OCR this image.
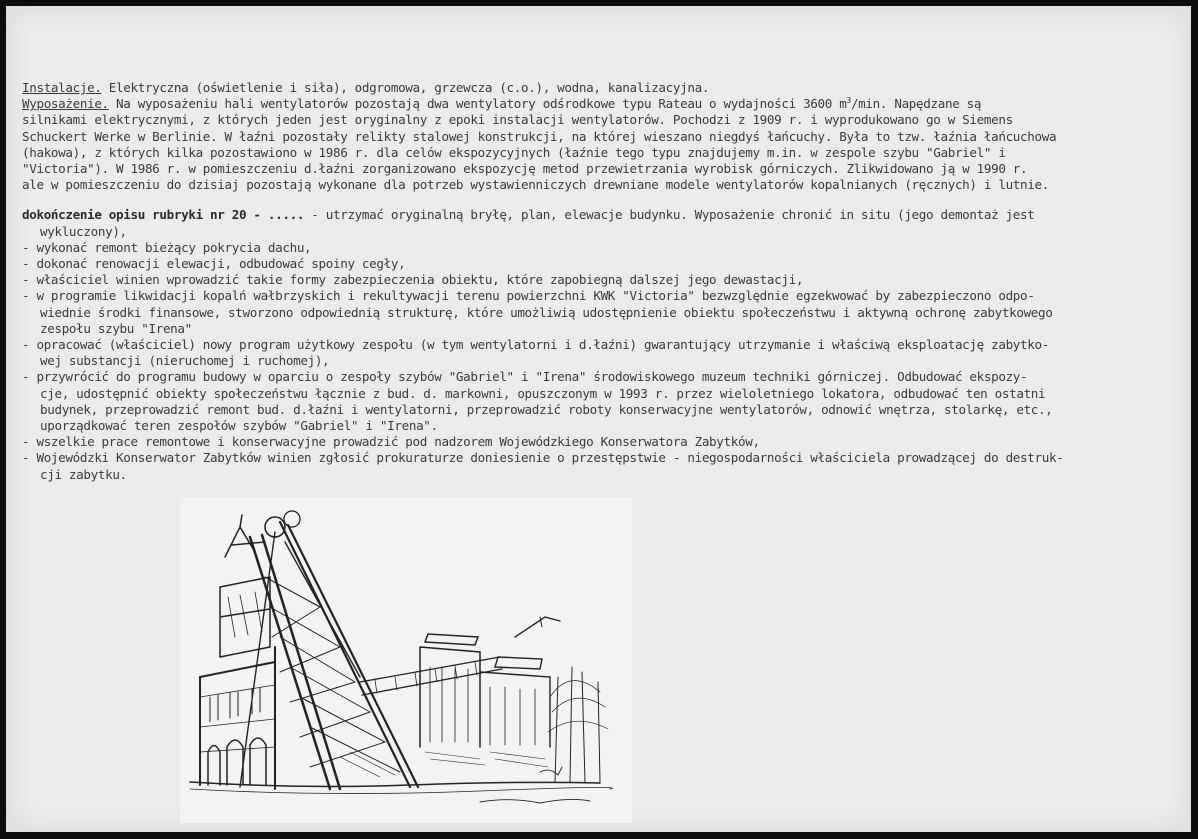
Instalacje. Elektryczna (oświetlenie i siła), odgromowa, grzewcza (c.o.), wodna, kanalizacyjna.
Wyposażenie. Na wyposażeniu hali wentylatorów pozostają dwa wentylatory odśrodkowe typu Rateau o wydajności 3600 $m^3/\min$. Napędzane są
silnikami elektrycznymi, z których jeden jest oryginalny z epoki instalacji wentylatorów. Pochodzi z 1909 r. i wyprodukowano go w Siemens
Schuckert Werke w Berlinie. W łaźni pozostały relikty stalowej konstrukcji, na której wieszano niegdyś łańcuchy. Była to tzw. łaźnia łańcuchowa
(hakowa), z których kilka pozostawiono w 1986 r. dla celów ekspozycyjnych (łaźnie tego typu znajdujemy m.in. w zespole szybu "Gabriel" i
"Victoria"). W 1986 r. w pomieszczeniu d.łaźni zorganizowano ekspozycję metod przewietrzania wyrobisk górniczych. Zlikwidowano ją w 1990 r.
ale w pomieszczeniu do dzisiaj pozostają wykonane dla potrzeb wystawienniczych drewniane modele wentylatorów kopalnianych (ręcznych) i lutnie.
dokończenie opisu rubryki nr 20 - ..... - utrzymać oryginalną bryłę, plan, elewacje budynku. Wyposażenie chronić in situ (jego demontaż jest
wykluczony),
- wykonać remont bieżący pokrycia dachu,
- dokonać renowacji elewacji, odbudować spoiny cegły,
- właściciel winien wprowadzić takie formy zabezpieczenia obiektu, które zapobiegną dalszej jego dewastacji,
- w programie likwidacji kopalń wałbrzyskich i rekultywacji terenu powierzchni KWK "Victoria" bezwzględnie egzekwować by zabezpieczono odpo-
wiednie środki finansowe, stworzono odpowiednią strukturę, które umożliwią udostępnienie obiektu społeczeństwu i aktywną ochronę zabytkowego
zespołu szybu "Irena"
- opracować (właściciel) nowy program użytkowy zespołu (w tym wentylatorni i d.łaźni) gwarantujący utrzymanie i właściwą eksploatację zabytko-
wej substancji (nieruchomej i ruchomej),
- przywrócić do programu budowy w oparciu o zespoły szybów "Gabriel" i "Irena" środowiskowego muzeum techniki górniczej. Odbudować ekspozy-
cje, udostępnić obiekty społeczeństwu łącznie z bud. d. markowni, opuszczonym w 1993 r. przez wieloletniego lokatora, odbudować ten ostatni
budynek, przeprowadzić remont bud. d.łaźni i wentylatorni, przeprowadzić roboty konserwacyjne wentylatorów, odnowić wnętrza, stolarkę, etc.,
uporządkować teren zespołów szybów "Gabriel" i "Irena".
- wszelkie prace remontowe i konserwacyjne prowadzić pod nadzorem Wojewódzkiego Konserwatora Zabytków,
- Wojewódzki Konserwator Zabytków winien zgłosić prokuraturze doniesienie o przestępstwie - niegospodarności właściciela prowadzącej do destruk-
cji zabytku.
